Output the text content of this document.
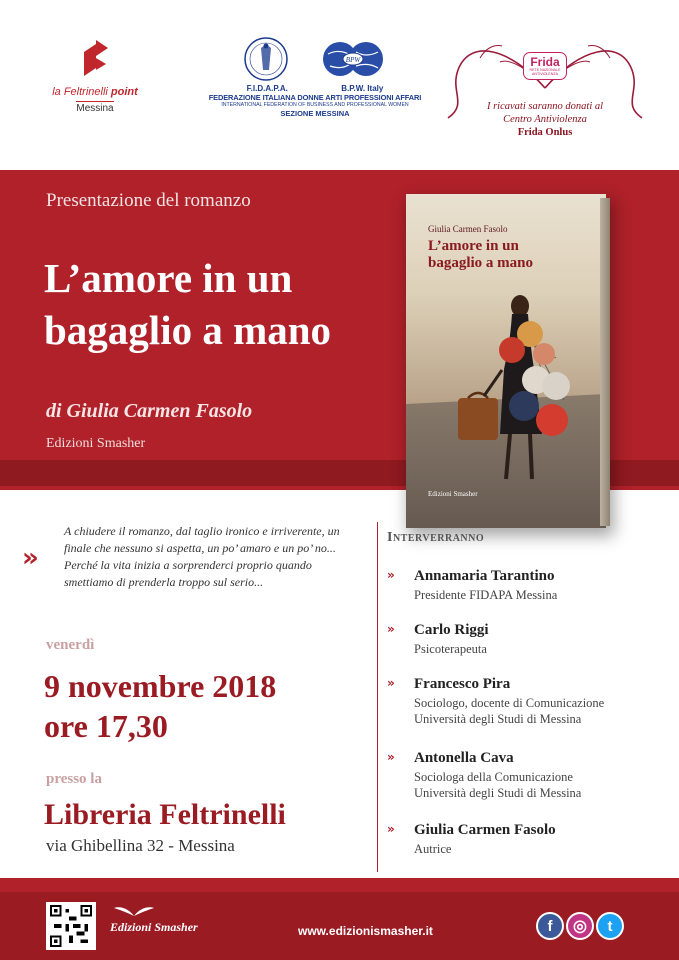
la Feltrinelli point
Messina
BPW
F.I.D.A.P.A.	B.P.W. Italy
FEDERAZIONE ITALIANA DONNE ARTI PROFESSIONI AFFARI
INTERNATIONAL FEDERATION OF BUSINESS AND PROFESSIONAL WOMEN
SEZIONE MESSINA
Frida
RETE NAZIONALE ANTIVIOLENZA
I ricavati saranno donati al
Centro Antiviolenza
Frida Onlus
Presentazione del romanzo
L’amore in un
bagaglio a mano
di Giulia Carmen Fasolo
Edizioni Smasher
Giulia Carmen Fasolo
L’amore in un
bagaglio a mano
Edizioni Smasher
»
A chiudere il romanzo, dal taglio ironico e irriverente, un finale che nessuno si aspetta, un po’ amaro e un po’ no... Perché la vita inizia a sorprenderci proprio quando smettiamo di prenderla troppo sul serio...
venerdì
9 novembre 2018
ore 17,30
presso la
Libreria Feltrinelli
via Ghibellina 32 - Messina
Interverranno
» Annamaria Tarantino
Presidente FIDAPA Messina
» Carlo Riggi
Psicoterapeuta
» Francesco Pira
Sociologo, docente di Comunicazione
Università degli Studi di Messina
» Antonella Cava
Sociologa della Comunicazione
Università degli Studi di Messina
» Giulia Carmen Fasolo
Autrice
Edizioni Smasher	www.edizionismasher.it	f	◎	t
